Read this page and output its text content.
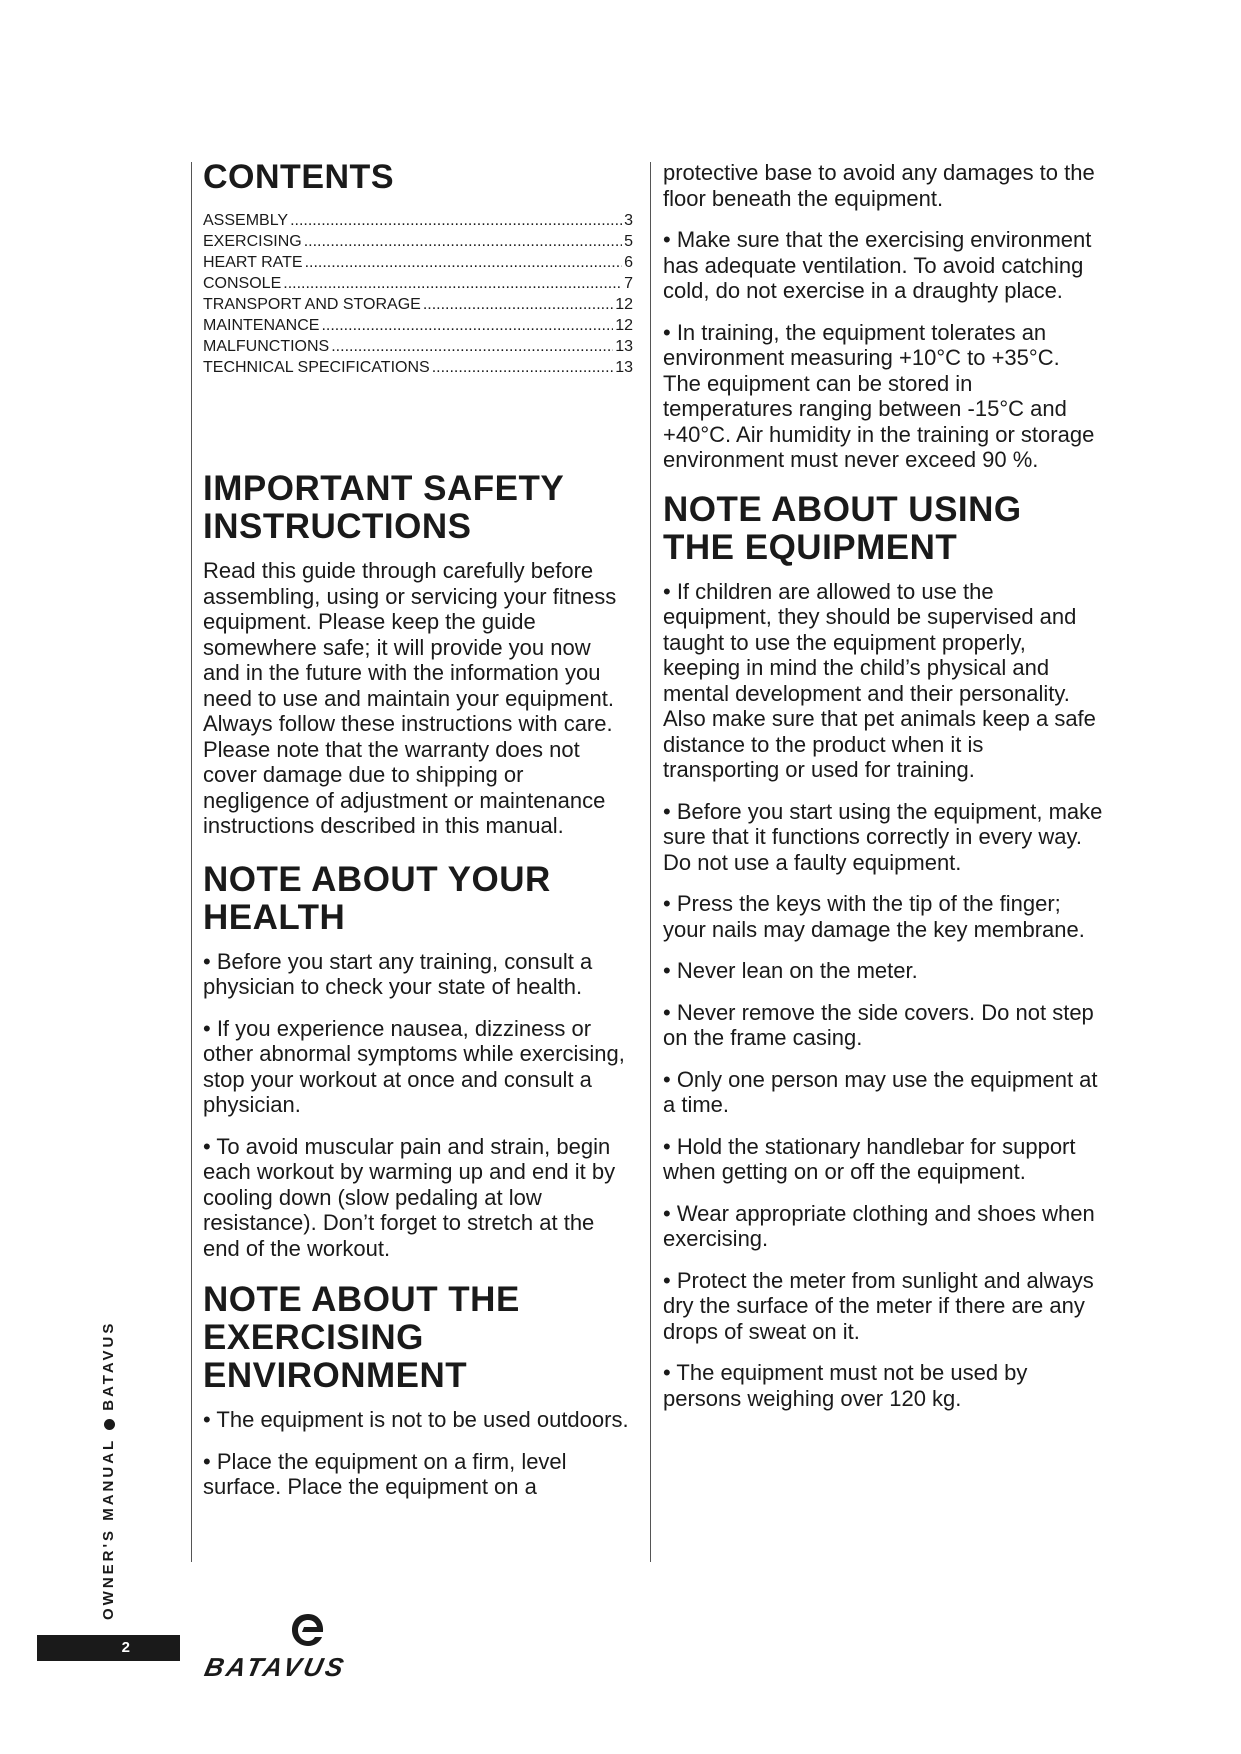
CONTENTS
ASSEMBLY .....	3
EXERCISING .....	5
HEART RATE .....	6
CONSOLE .....	7
TRANSPORT AND STORAGE .....	12
MAINTENANCE .....	12
MALFUNCTIONS .....	13
TECHNICAL SPECIFICATIONS .....	13
IMPORTANT SAFETY INSTRUCTIONS

Read this guide through carefully before assembling, using or servicing your fitness equipment. Please keep the guide somewhere safe; it will provide you now and in the future with the information you need to use and maintain your equipment. Always follow these instructions with care. Please note that the warranty does not cover damage due to shipping or negligence of adjustment or maintenance instructions described in this manual.

NOTE ABOUT YOUR HEALTH

• Before you start any training, consult a physician to check your state of health.

• If you experience nausea, dizziness or other abnormal symptoms while exercising, stop your workout at once and consult a physician.

• To avoid muscular pain and strain, begin each workout by warming up and end it by cooling down (slow pedaling at low resistance). Don’t forget to stretch at the end of the workout.

NOTE ABOUT THE EXERCISING ENVIRONMENT

• The equipment is not to be used outdoors.

• Place the equipment on a firm, level surface. Place the equipment on a

protective base to avoid any damages to the floor beneath the equipment.

• Make sure that the exercising environment has adequate ventilation. To avoid catching cold, do not exercise in a draughty place.

• In training, the equipment tolerates an environment measuring +10°C to +35°C. The equipment can be stored in temperatures ranging between -15°C and +40°C. Air humidity in the training or storage environment must never exceed 90 %.

NOTE ABOUT USING THE EQUIPMENT

• If children are allowed to use the equipment, they should be supervised and taught to use the equipment properly, keeping in mind the child’s physical and mental development and their personality. Also make sure that pet animals keep a safe distance to the product when it is transporting or used for training.

• Before you start using the equipment, make sure that it functions correctly in every way. Do not use a faulty equipment.

• Press the keys with the tip of the finger; your nails may damage the key membrane.

• Never lean on the meter.

• Never remove the side covers. Do not step on the frame casing.

• Only one person may use the equipment at a time.

• Hold the stationary handlebar for support when getting on or off the equipment.

• Wear appropriate clothing and shoes when exercising.

• Protect the meter from sunlight and always dry the surface of the meter if there are any drops of sweat on it.

• The equipment must not be used by persons weighing over 120 kg.

OWNER'S MANUALBATAVUS
2
BATAVUS
